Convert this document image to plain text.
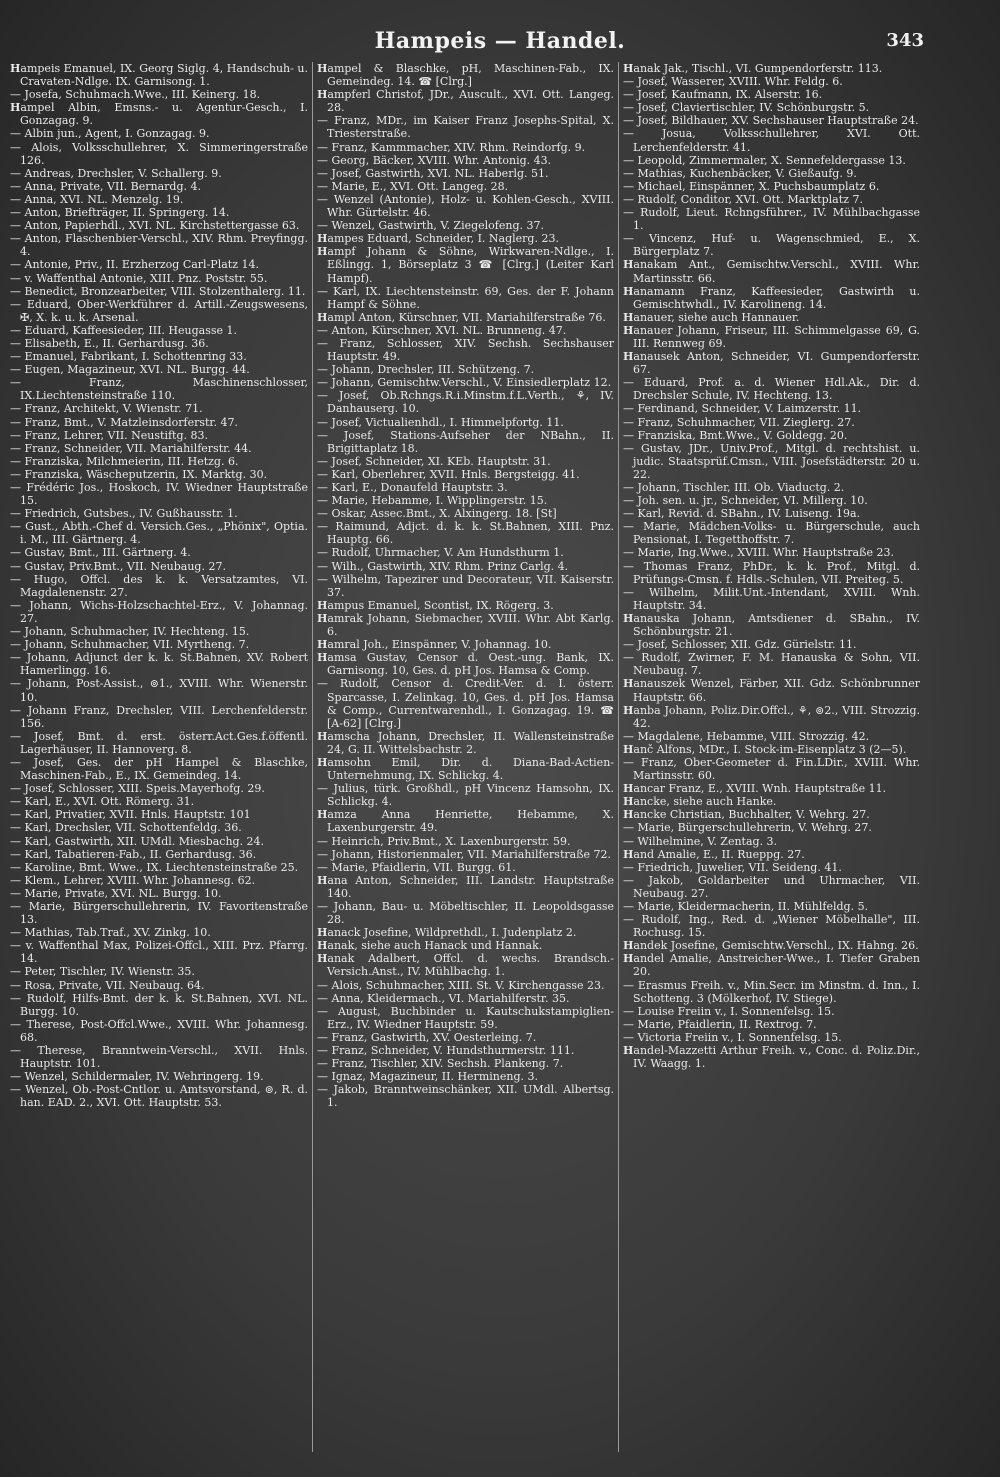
Hampeis — Handel.	343

Hampeis Emanuel, IX. Georg Siglg. 4, Handschuh- u. Cravaten-Ndlge. IX. Garnisong. 1.

— Josefa, Schuhmach.Wwe., III. Keinerg. 18.

Hampel Albin, Emsns.- u. Agentur-Gesch., I. Gonzagag. 9.

— Albin jun., Agent, I. Gonzagag. 9.

— Alois, Volksschullehrer, X. Simmeringerstraße 126.

— Andreas, Drechsler, V. Schallerg. 9.

— Anna, Private, VII. Bernardg. 4.

— Anna, XVI. NL. Menzelg. 19.

— Anton, Briefträger, II. Springerg. 14.

— Anton, Papierhdl., XVI. NL. Kirchstettergasse 63.

— Anton, Flaschenbier-Verschl., XIV. Rhm. Preyfingg. 4.

— Antonie, Priv., II. Erzherzog Carl-Platz 14.

— v. Waffenthal Antonie, XIII. Pnz. Poststr. 55.

— Benedict, Bronzearbeiter, VIII. Stolzenthalerg. 11.

— Eduard, Ober-Werkführer d. Artill.-Zeugswesens, ✠, X. k. u. k. Arsenal.

— Eduard, Kaffeesieder, III. Heugasse 1.

— Elisabeth, E., II. Gerhardusg. 36.

— Emanuel, Fabrikant, I. Schottenring 33.

— Eugen, Magazineur, XVI. NL. Burgg. 44.

— Franz, Maschinenschlosser, IX.Liechtensteinstraße 110.

— Franz, Architekt, V. Wienstr. 71.

— Franz, Bmt., V. Matzleinsdorferstr. 47.

— Franz, Lehrer, VII. Neustiftg. 83.

— Franz, Schneider, VII. Mariahilferstr. 44.

— Franziska, Milchmeierin, III. Hetzg. 6.

— Franziska, Wäscheputzerin, IX. Marktg. 30.

— Frédéric Jos., Hoskoch, IV. Wiedner Hauptstraße 15.

— Friedrich, Gutsbes., IV. Gußhausstr. 1.

— Gust., Abth.-Chef d. Versich.Ges., „Phönix", Optia. i. M., III. Gärtnerg. 4.

— Gustav, Bmt., III. Gärtnerg. 4.

— Gustav, Priv.Bmt., VII. Neubaug. 27.

— Hugo, Offcl. des k. k. Versatzamtes, VI. Magdalenenstr. 27.

— Johann, Wichs-Holzschachtel-Erz., V. Johannag. 27.

— Johann, Schuhmacher, IV. Hechteng. 15.

— Johann, Schuhmacher, VII. Myrtheng. 7.

— Johann, Adjunct der k. k. St.Bahnen, XV. Robert Hamerlingg. 16.

— Johann, Post-Assist., ⊚1., XVIII. Whr. Wienerstr. 10.

— Johann Franz, Drechsler, VIII. Lerchenfelderstr. 156.

— Josef, Bmt. d. erst. österr.Act.Ges.f.öffentl. Lagerhäuser, II. Hannoverg. 8.

— Josef, Ges. der pH Hampel & Blaschke, Maschinen-Fab., E., IX. Gemeindeg. 14.

— Josef, Schlosser, XIII. Speis.Mayerhofg. 29.

— Karl, E., XVI. Ott. Römerg. 31.

— Karl, Privatier, XVII. Hnls. Hauptstr. 101

— Karl, Drechsler, VII. Schottenfeldg. 36.

— Karl, Gastwirth, XII. UMdl. Miesbachg. 24.

— Karl, Tabatieren-Fab., II. Gerhardusg. 36.

— Karoline, Bmt. Wwe., IX. Liechtensteinstraße 25.

— Klem., Lehrer, XVIII. Whr. Johannesg. 62.

— Marie, Private, XVI. NL. Burgg. 10.

— Marie, Bürgerschullehrerin, IV. Favoritenstraße 13.

— Mathias, Tab.Traf., XV. Zinkg. 10.

— v. Waffenthal Max, Polizei-Offcl., XIII. Prz. Pfarrg. 14.

— Peter, Tischler, IV. Wienstr. 35.

— Rosa, Private, VII. Neubaug. 64.

— Rudolf, Hilfs-Bmt. der k. k. St.Bahnen, XVI. NL. Burgg. 10.

— Therese, Post-Offcl.Wwe., XVIII. Whr. Johannesg. 68.

— Therese, Branntwein-Verschl., XVII. Hnls. Hauptstr. 101.

— Wenzel, Schildermaler, IV. Wehringerg. 19.

— Wenzel, Ob.-Post-Cntlor. u. Amtsvorstand, ⊚, R. d. han. EAD. 2., XVI. Ott. Hauptstr. 53.

Hampel & Blaschke, pH, Maschinen-Fab., IX. Gemeindeg. 14. ☎ [Clrg.]

Hampferl Christof, JDr., Auscult., XVI. Ott. Langeg. 28.

— Franz, MDr., im Kaiser Franz Josephs-Spital, X. Triesterstraße.

— Franz, Kammmacher, XIV. Rhm. Reindorfg. 9.

— Georg, Bäcker, XVIII. Whr. Antonig. 43.

— Josef, Gastwirth, XVI. NL. Haberlg. 51.

— Marie, E., XVI. Ott. Langeg. 28.

— Wenzel (Antonie), Holz- u. Kohlen-Gesch., XVIII. Whr. Gürtelstr. 46.

— Wenzel, Gastwirth, V. Ziegelofeng. 37.

Hampes Eduard, Schneider, I. Naglerg. 23.

Hampf Johann & Söhne, Wirkwaren-Ndlge., I. Eßlingg. 1, Börseplatz 3 ☎ [Clrg.] (Leiter Karl Hampf).

— Karl, IX. Liechtensteinstr. 69, Ges. der F. Johann Hampf & Söhne.

Hampl Anton, Kürschner, VII. Mariahilferstraße 76.

— Anton, Kürschner, XVI. NL. Brunneng. 47.

— Franz, Schlosser, XIV. Sechsh. Sechshauser Hauptstr. 49.

— Johann, Drechsler, III. Schützeng. 7.

— Johann, Gemischtw.Verschl., V. Einsiedlerplatz 12.

— Josef, Ob.Rchngs.R.i.Minstm.f.L.Verth., ⚘, IV. Danhauserg. 10.

— Josef, Victualienhdl., I. Himmelpfortg. 11.

— Josef, Stations-Aufseher der NBahn., II. Brigittaplatz 18.

— Josef, Schneider, XI. KEb. Hauptstr. 31.

— Karl, Oberlehrer, XVII. Hnls. Bergsteigg. 41.

— Karl, E., Donaufeld Hauptstr. 3.

— Marie, Hebamme, I. Wipplingerstr. 15.

— Oskar, Assec.Bmt., X. Alxingerg. 18. [St]

— Raimund, Adjct. d. k. k. St.Bahnen, XIII. Pnz. Hauptg. 66.

— Rudolf, Uhrmacher, V. Am Hundsthurm 1.

— Wilh., Gastwirth, XIV. Rhm. Prinz Carlg. 4.

— Wilhelm, Tapezirer und Decorateur, VII. Kaiserstr. 37.

Hampus Emanuel, Scontist, IX. Rögerg. 3.

Hamrak Johann, Siebmacher, XVIII. Whr. Abt Karlg. 6.

Hamral Joh., Einspänner, V. Johannag. 10.

Hamsa Gustav, Censor d. Oest.-ung. Bank, IX. Garnisong. 10, Ges. d. pH Jos. Hamsa & Comp.

— Rudolf, Censor d. Credit-Ver. d. I. österr. Sparcasse, I. Zelinkag. 10, Ges. d. pH Jos. Hamsa & Comp., Currentwarenhdl., I. Gonzagag. 19. ☎ [A-62] [Clrg.]

Hamscha Johann, Drechsler, II. Wallensteinstraße 24, G. II. Wittelsbachstr. 2.

Hamsohn Emil, Dir. d. Diana-Bad-Actien-Unternehmung, IX. Schlickg. 4.

— Julius, türk. Großhdl., pH Vincenz Hamsohn, IX. Schlickg. 4.

Hamza Anna Henriette, Hebamme, X. Laxenburgerstr. 49.

— Heinrich, Priv.Bmt., X. Laxenburgerstr. 59.

— Johann, Historienmaler, VII. Mariahilferstraße 72.

— Marie, Pfaidlerin, VII. Burgg. 61.

Hana Anton, Schneider, III. Landstr. Hauptstraße 140.

— Johann, Bau- u. Möbeltischler, II. Leopoldsgasse 28.

Hanack Josefine, Wildprethdl., I. Judenplatz 2.

Hanak, siehe auch Hanack und Hannak.

Hanak Adalbert, Offcl. d. wechs. Brandsch.-Versich.Anst., IV. Mühlbachg. 1.

— Alois, Schuhmacher, XIII. St. V. Kirchengasse 23.

— Anna, Kleidermach., VI. Mariahilferstr. 35.

— August, Buchbinder u. Kautschukstampiglien-Erz., IV. Wiedner Hauptstr. 59.

— Franz, Gastwirth, XV. Oesterleing. 7.

— Franz, Schneider, V. Hundsthurmerstr. 111.

— Franz, Tischler, XIV. Sechsh. Plankeng. 7.

— Ignaz, Magazineur, II. Hermineng. 3.

— Jakob, Branntweinschänker, XII. UMdl. Albertsg. 1.

Hanak Jak., Tischl., VI. Gumpendorferstr. 113.

— Josef, Wasserer, XVIII. Whr. Feldg. 6.

— Josef, Kaufmann, IX. Alserstr. 16.

— Josef, Claviertischler, IV. Schönburgstr. 5.

— Josef, Bildhauer, XV. Sechshauser Hauptstraße 24.

— Josua, Volksschullehrer, XVI. Ott. Lerchenfelderstr. 41.

— Leopold, Zimmermaler, X. Sennefeldergasse 13.

— Mathias, Kuchenbäcker, V. Gießaufg. 9.

— Michael, Einspänner, X. Puchsbaumplatz 6.

— Rudolf, Conditor, XVI. Ott. Marktplatz 7.

— Rudolf, Lieut. Rchngsführer., IV. Mühlbachgasse 1.

— Vincenz, Huf- u. Wagenschmied, E., X. Bürgerplatz 7.

Hanakam Ant., Gemischtw.Verschl., XVIII. Whr. Martinsstr. 66.

Hanamann Franz, Kaffeesieder, Gastwirth u. Gemischtwhdl., IV. Karolineng. 14.

Hanauer, siehe auch Hannauer.

Hanauer Johann, Friseur, III. Schimmelgasse 69, G. III. Rennweg 69.

Hanausek Anton, Schneider, VI. Gumpendorferstr. 67.

— Eduard, Prof. a. d. Wiener Hdl.Ak., Dir. d. Drechsler Schule, IV. Hechteng. 13.

— Ferdinand, Schneider, V. Laimzerstr. 11.

— Franz, Schuhmacher, VII. Zieglerg. 27.

— Franziska, Bmt.Wwe., V. Goldegg. 20.

— Gustav, JDr., Univ.Prof., Mitgl. d. rechtshist. u. judic. Staatsprüf.Cmsn., VIII. Josefstädterstr. 20 u. 22.

— Johann, Tischler, III. Ob. Viaductg. 2.

— Joh. sen. u. jr., Schneider, VI. Millerg. 10.

— Karl, Revid. d. SBahn., IV. Luiseng. 19a.

— Marie, Mädchen-Volks- u. Bürgerschule, auch Pensionat, I. Tegetthoffstr. 7.

— Marie, Ing.Wwe., XVIII. Whr. Hauptstraße 23.

— Thomas Franz, PhDr., k. k. Prof., Mitgl. d. Prüfungs-Cmsn. f. Hdls.-Schulen, VII. Preiteg. 5.

— Wilhelm, Milit.Unt.-Intendant, XVIII. Wnh. Hauptstr. 34.

Hanauska Johann, Amtsdiener d. SBahn., IV. Schönburgstr. 21.

— Josef, Schlosser, XII. Gdz. Gürielstr. 11.

— Rudolf, Zwirner, F. M. Hanauska & Sohn, VII. Neubaug. 7.

Hanauszek Wenzel, Färber, XII. Gdz. Schönbrunner Hauptstr. 66.

Hanba Johann, Poliz.Dir.Offcl., ⚘, ⊚2., VIII. Strozzig. 42.

— Magdalene, Hebamme, VIII. Strozzig. 42.

Hanč Alfons, MDr., I. Stock-im-Eisenplatz 3 (2—5).

— Franz, Ober-Geometer d. Fin.LDir., XVIII. Whr. Martinsstr. 60.

Hancar Franz, E., XVIII. Wnh. Hauptstraße 11.

Hancke, siehe auch Hanke.

Hancke Christian, Buchhalter, V. Wehrg. 27.

— Marie, Bürgerschullehrerin, V. Wehrg. 27.

— Wilhelmine, V. Zentag. 3.

Hand Amalie, E., II. Rueppg. 27.

— Friedrich, Juwelier, VII. Seideng. 41.

— Jakob, Goldarbeiter und Uhrmacher, VII. Neubaug. 27.

— Marie, Kleidermacherin, II. Mühlfeldg. 5.

— Rudolf, Ing., Red. d. „Wiener Möbelhalle", III. Rochusg. 15.

Handek Josefine, Gemischtw.Verschl., IX. Hahng. 26.

Handel Amalie, Anstreicher-Wwe., I. Tiefer Graben 20.

— Erasmus Freih. v., Min.Secr. im Minstm. d. Inn., I. Schotteng. 3 (Mölkerhof, IV. Stiege).

— Louise Freiin v., I. Sonnenfelsg. 15.

— Marie, Pfaidlerin, II. Rextrog. 7.

— Victoria Freiin v., I. Sonnenfelsg. 15.

Handel-Mazzetti Arthur Freih. v., Conc. d. Poliz.Dir., IV. Waagg. 1.
